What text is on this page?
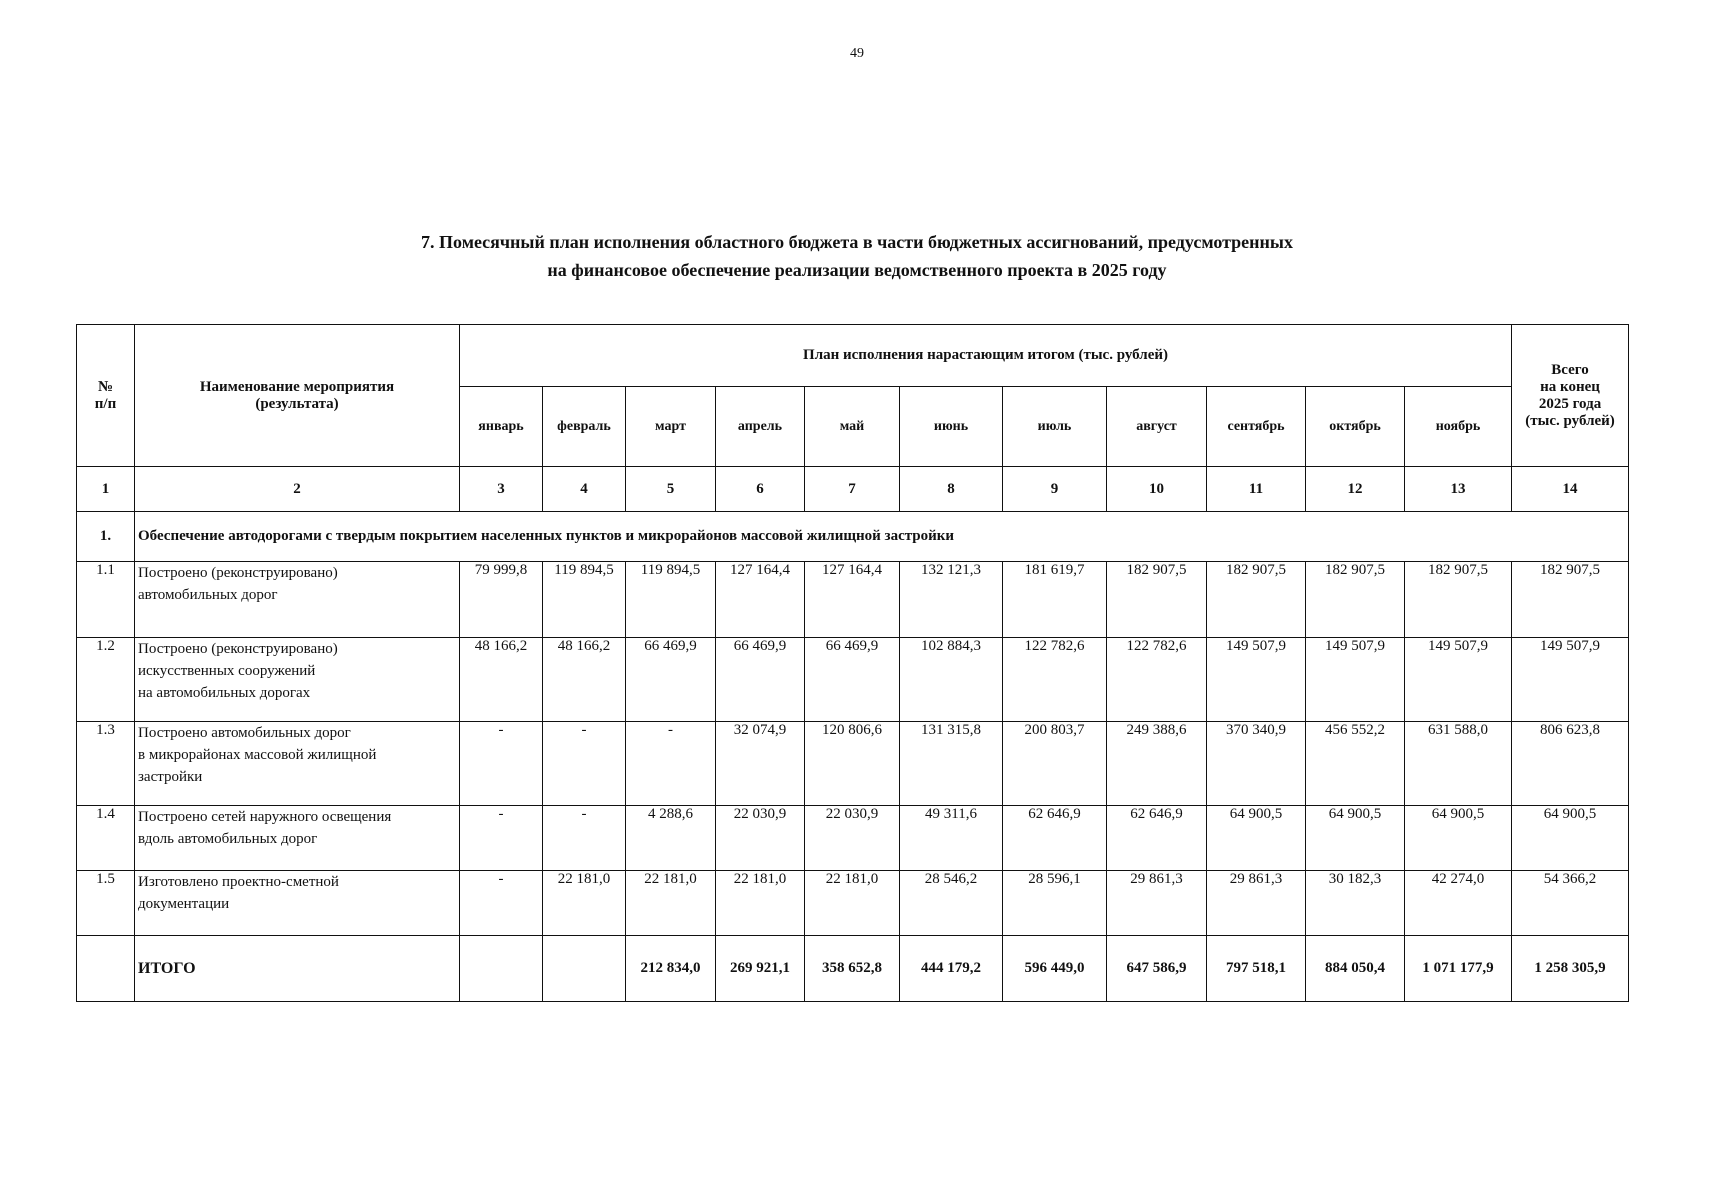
49
7. Помесячный план исполнения областного бюджета в части бюджетных ассигнований, предусмотренных
на финансовое обеспечение реализации ведомственного проекта в 2025 году
№
п/п	Наименование мероприятия
(результата)	План исполнения нарастающим итогом (тыс. рублей)											Всего
на конец
2025 года
(тыс. рублей)

		январь	февраль	март	апрель	май	июнь	июль	август	сентябрь	октябрь	ноябрь	
1	2	3	4	5	6	7	8	9	10	11	12	13	14
1.	Обеспечение автодорогами с твердым покрытием населенных пунктов и микрорайонов массовой жилищной застройки												
1.1	Построено (реконструировано)
автомобильных дорог	79 999,8	119 894,5	119 894,5	127 164,4	127 164,4	132 121,3	181 619,7	182 907,5	182 907,5	182 907,5	182 907,5	182 907,5
1.2	Построено (реконструировано)
искусственных сооружений
на автомобильных дорогах	48 166,2	48 166,2	66 469,9	66 469,9	66 469,9	102 884,3	122 782,6	122 782,6	149 507,9	149 507,9	149 507,9	149 507,9
1.3	Построено автомобильных дорог
в микрорайонах массовой жилищной
застройки	-	-	-	32 074,9	120 806,6	131 315,8	200 803,7	249 388,6	370 340,9	456 552,2	631 588,0	806 623,8
1.4	Построено сетей наружного освещения
вдоль автомобильных дорог	-	-	4 288,6	22 030,9	22 030,9	49 311,6	62 646,9	62 646,9	64 900,5	64 900,5	64 900,5	64 900,5
1.5	Изготовлено проектно-сметной
документации	-	22 181,0	22 181,0	22 181,0	22 181,0	28 546,2	28 596,1	29 861,3	29 861,3	30 182,3	42 274,0	54 366,2
	ИТОГО			212 834,0	269 921,1	358 652,8	444 179,2	596 449,0	647 586,9	797 518,1	884 050,4	1 071 177,9	1 258 305,9
